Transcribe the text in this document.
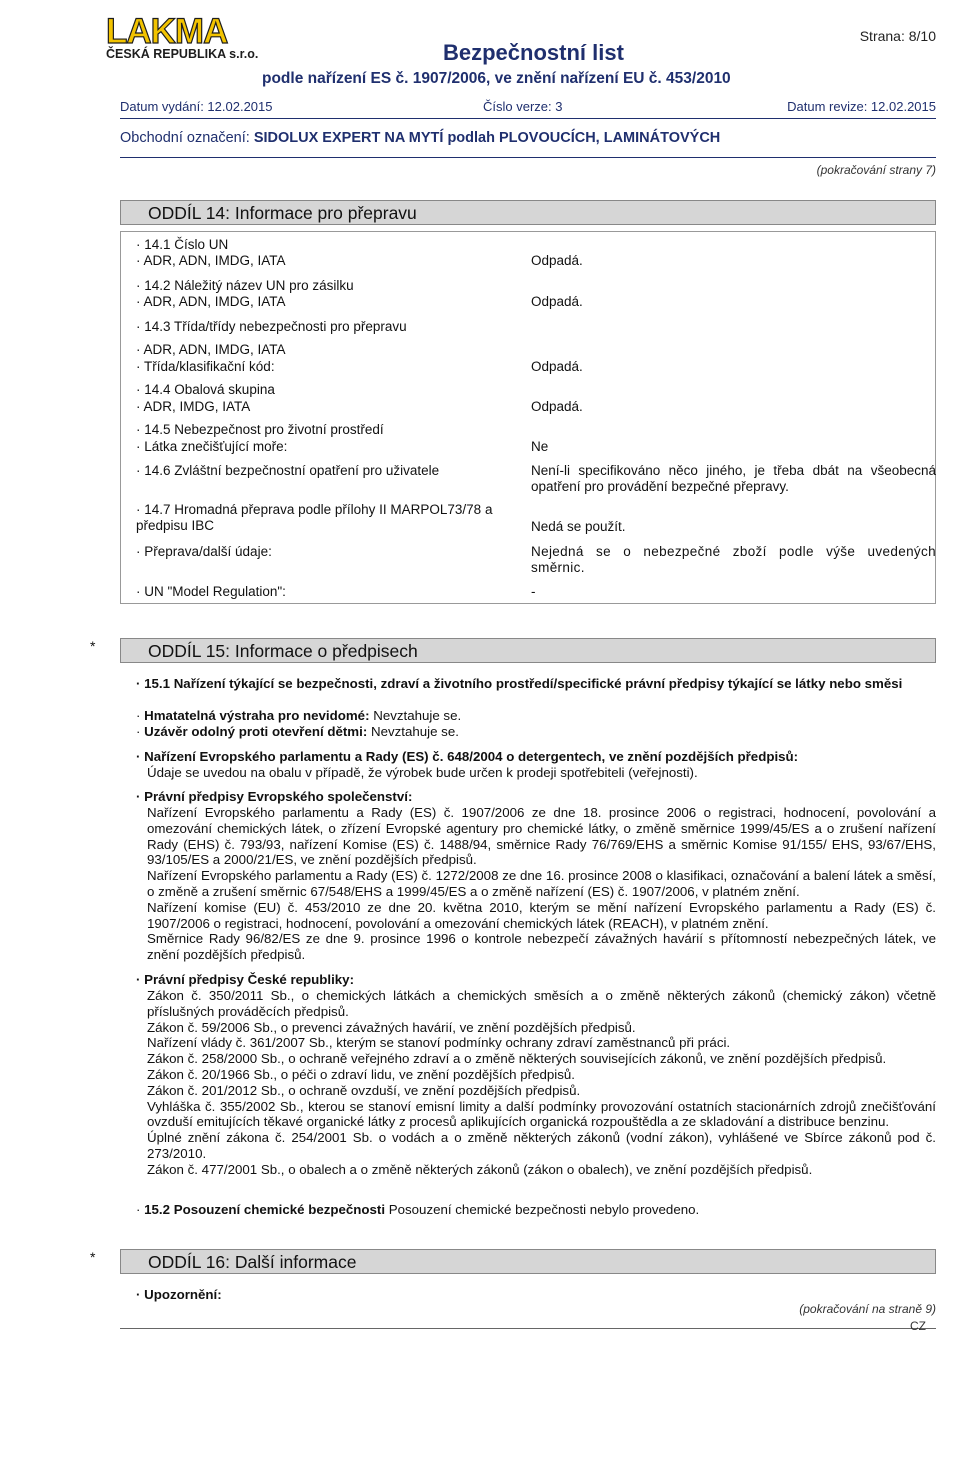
LAKMA
ČESKÁ REPUBLIKA s.r.o.	Bezpečnostní list
podle nařízení ES č. 1907/2006, ve znění nařízení EU č. 453/2010
Strana: 8/10
Datum vydání: 12.02.2015	Číslo verze: 3	Datum revize: 12.02.2015
Obchodní označení: SIDOLUX EXPERT NA MYTÍ podlah PLOVOUCÍCH, LAMINÁTOVÝCH
(pokračování strany 7)
ODDÍL 14: Informace pro přepravu
· 14.1 Číslo UN
· ADR, ADN, IMDG, IATA	Odpadá.
· 14.2 Náležitý název UN pro zásilku
· ADR, ADN, IMDG, IATA	Odpadá.
· 14.3 Třída/třídy nebezpečnosti pro přepravu
· ADR, ADN, IMDG, IATA
· Třída/klasifikační kód:	Odpadá.
· 14.4 Obalová skupina
· ADR, IMDG, IATA	Odpadá.
· 14.5 Nebezpečnost pro životní prostředí
· Látka znečišťující moře:	Ne
· 14.6 Zvláštní bezpečnostní opatření pro uživatele	Není-li specifikováno něco jiného, je třeba dbát na všeobecná opatření pro provádění bezpečné přepravy.
· 14.7 Hromadná přeprava podle přílohy II MARPOL73/78 a předpisu IBC	Nedá se použít.
· Přeprava/další údaje:	Nejedná se o nebezpečné zboží podle výše uvedených směrnic.
· UN "Model Regulation":	-
*	ODDÍL 15: Informace o předpisech
· 15.1 Nařízení týkající se bezpečnosti, zdraví a životního prostředí/specifické právní předpisy týkající se látky nebo směsi
· Hmatatelná výstraha pro nevidomé: Nevztahuje se.
· Uzávěr odolný proti otevření dětmi: Nevztahuje se.
· Nařízení Evropského parlamentu a Rady (ES) č. 648/2004 o detergentech, ve znění pozdějších předpisů:
Údaje se uvedou na obalu v případě, že výrobek bude určen k prodeji spotřebiteli (veřejnosti).
· Právní předpisy Evropského společenství:
Nařízení Evropského parlamentu a Rady (ES) č. 1907/2006 ze dne 18. prosince 2006 o registraci, hodnocení, povolování a omezování chemických látek, o zřízení Evropské agentury pro chemické látky, o změně směrnice 1999/45/ES a o zrušení nařízení Rady (EHS) č. 793/93, nařízení Komise (ES) č. 1488/94, směrnice Rady 76/769/EHS a směrnic Komise 91/155/ EHS, 93/67/EHS, 93/105/ES a 2000/21/ES, ve znění pozdějších předpisů.
Nařízení Evropského parlamentu a Rady (ES) č. 1272/2008 ze dne 16. prosince 2008 o klasifikaci, označování a balení látek a směsí, o změně a zrušení směrnic 67/548/EHS a 1999/45/ES a o změně nařízení (ES) č. 1907/2006, v platném znění.
Nařízení komise (EU) č. 453/2010 ze dne 20. května 2010, kterým se mění nařízení Evropského parlamentu a Rady (ES) č. 1907/2006 o registraci, hodnocení, povolování a omezování chemických látek (REACH), v platném znění.
Směrnice Rady 96/82/ES ze dne 9. prosince 1996 o kontrole nebezpečí závažných havárií s přítomností nebezpečných látek, ve znění pozdějších předpisů.
· Právní předpisy České republiky:
Zákon č. 350/2011 Sb., o chemických látkách a chemických směsích a o změně některých zákonů (chemický zákon) včetně příslušných prováděcích předpisů.
Zákon č. 59/2006 Sb., o prevenci závažných havárií, ve znění pozdějších předpisů.
Nařízení vlády č. 361/2007 Sb., kterým se stanoví podmínky ochrany zdraví zaměstnanců při práci.
Zákon č. 258/2000 Sb., o ochraně veřejného zdraví a o změně některých souvisejících zákonů, ve znění pozdějších předpisů.
Zákon č. 20/1966 Sb., o péči o zdraví lidu, ve znění pozdějších předpisů.
Zákon č. 201/2012 Sb., o ochraně ovzduší, ve znění pozdějších předpisů.
Vyhláška č. 355/2002 Sb., kterou se stanoví emisní limity a další podmínky provozování ostatních stacionárních zdrojů znečišťování ovzduší emitujících těkavé organické látky z procesů aplikujících organická rozpouštědla a ze skladování a distribuce benzinu.
Úplné znění zákona č. 254/2001 Sb. o vodách a o změně některých zákonů (vodní zákon), vyhlášené ve Sbírce zákonů pod č. 273/2010.
Zákon č. 477/2001 Sb., o obalech a o změně některých zákonů (zákon o obalech), ve znění pozdějších předpisů.
· 15.2 Posouzení chemické bezpečnosti Posouzení chemické bezpečnosti nebylo provedeno.
*	ODDÍL 16: Další informace
· Upozornění:
(pokračování na straně 9)
CZ
